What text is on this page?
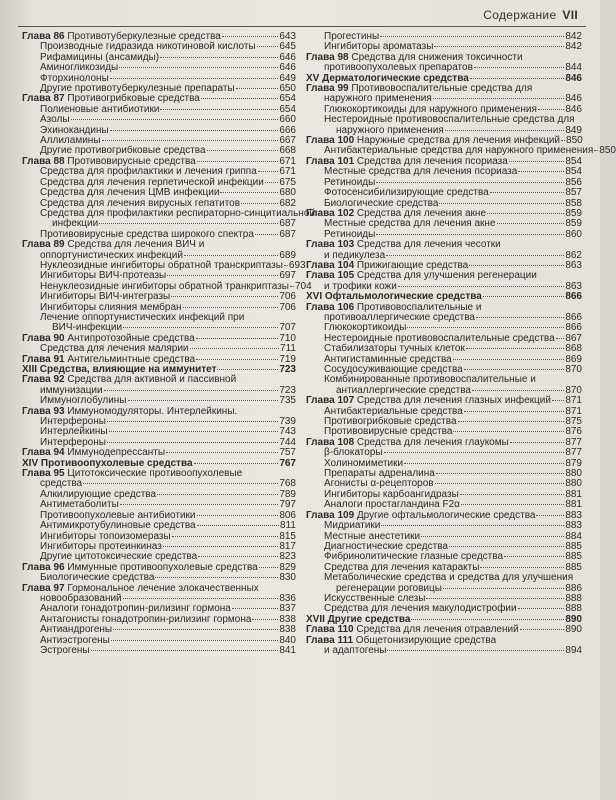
Содержание VII
Глава 86 Противотуберкулезные средства	643
Производные гидразида никотиновой кислоты 645
Рифамицины (ансамиды)	646
Аминогликозиды	646
Фторхинолоны	649
Другие противотуберкулезные препараты	650
Глава 87 Противогрибковые средства	654
Полиеновые антибиотики	654
Азолы	660
Эхинокандины	666
Аллиламины	667
Другие противогрибковые средства	668
Глава 88 Противовирусные средства	671
Средства для профилактики и лечения гриппа 671
Средства для лечения герпетической инфекции 675
Средства для лечения ЦМВ инфекции	680
Средства для лечения вирусных гепатитов	682
Средства для профилактики респираторно-синцитиальной
инфекции	687
Противовирусные средства широкого спектра	687
Глава 89 Средства для лечения ВИЧ и
оппортунистических инфекций	689
Нуклеозидные ингибиторы обратной транскриптазы 693
Ингибиторы ВИЧ-протеазы	697
Ненуклеозидные ингибиторы обратной транкриптазы 704
Ингибиторы ВИЧ-интегразы	706
Ингибиторы слияния мембран	706
Лечение оппортунистических инфекций при
ВИЧ-инфекции	707
Глава 90 Антипротозойные средства	710
Средства для лечения малярии	711
Глава 91 Антигельминтные средства	719
XIII Средства, влияющие на иммунитет	723
Глава 92 Средства для активной и пассивной
иммунизации	723
Иммуноглобулины	735
Глава 93 Иммуномодуляторы. Интерлейкины.
Интерфероны	739
Интерлейкины	743
Интерфероны	744
Глава 94 Иммунодепрессанты	757
XIV Противоопухолевые средства	767
Глава 95 Цитотоксические противоопухолевые
средства	768
Алкилирующие средства	789
Антиметаболиты	797
Противоопухолевые антибиотики	806
Антимикротубулиновые средства	811
Ингибиторы топоизомеразы	815
Ингибиторы протеинкиназ	817
Другие цитотоксические средства	823
Глава 96 Иммунные противоопухолевые средства 829
Биологические средства	830
Глава 97 Гормональное лечение злокачественных
новообразований	836
Аналоги гонадотропин-рилизинг гормона	837
Антагонисты гонадотропин-рилизинг гормона	838
Антиандрогены	838
Антиэстрогены	840
Эстрогены	841
Прогестины	842
Ингибиторы ароматазы	842
Глава 98 Средства для снижения токсичности
противоопухолевых препаратов	844
XV Дерматологические средства	846
Глава 99 Противовоспалительные средства для
наружного применения	846
Глюкокортикоиды для наружного применения	846
Нестероидные противовоспалительные средства для
наружного применения	849
Глава 100 Наружные средства для лечения инфекций 850
Антибактериальные средства для наружного применения 850
Глава 101 Средства для лечения псориаза	854
Местные средства для лечения псориаза	854
Ретиноиды	856
Фотосенсибилизирующие средства	857
Биологические средства	858
Глава 102 Средства для лечения акне	859
Местные средства для лечения акне	859
Ретиноиды	860
Глава 103 Средства для лечения чесотки
и педикулеза	862
Глава 104 Прижигающие средства	863
Глава 105 Средства для улучшения регенерации
и трофики кожи	863
XVI Офтальмологические средства	866
Глава 106 Противовоспалительные и
противоаллергические средства	866
Глюкокортикоиды	866
Нестероидные противовоспалительные средства 867
Стабилизаторы тучных клеток	868
Антигистаминные средства	869
Сосудосуживающие средства	870
Комбинированные противовоспалительные и
антиаллергические средства	870
Глава 107 Средства для лечения глазных инфекций 871
Антибактериальные средства	871
Противогрибковые средства	875
Противовирусные средства	876
Глава 108 Средства для лечения глаукомы	877
β-блокаторы	877
Холиномиметики	879
Препараты адреналина	880
Агонисты α-рецепторов	880
Ингибиторы карбоангидразы	881
Аналоги простагландина F2α	881
Глава 109 Другие офтальмологические средства	883
Мидриатики	883
Местные анестетики	884
Диагностические средства	885
Фибринолитические глазные средства	885
Средства для лечения катаракты	885
Метаболические средства и средства для улучшения
регенерации роговицы	886
Искусственные слезы	888
Средства для лечения макулодистрофии	888
XVII Другие средства	890
Глава 110 Средства для лечения отравлений	890
Глава 111 Общетонизирующие средства
и адаптогены	894
